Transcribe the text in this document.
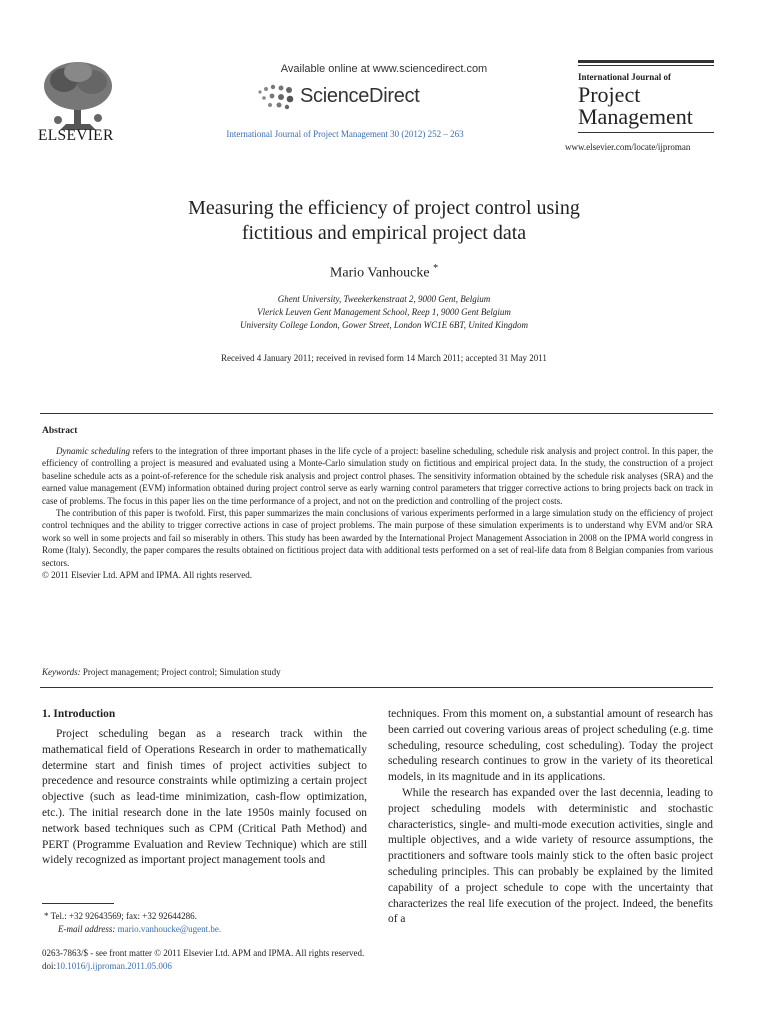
ELSEVIER
Available online at www.sciencedirect.com
ScienceDirect
International Journal of Project Management 30 (2012) 252 – 263
International Journal of
Project
Management
www.elsevier.com/locate/ijproman
Measuring the efficiency of project control using
fictitious and empirical project data
Mario Vanhoucke *
Ghent University, Tweekerkenstraat 2, 9000 Gent, Belgium
Vlerick Leuven Gent Management School, Reep 1, 9000 Gent Belgium
University College London, Gower Street, London WC1E 6BT, United Kingdom
Received 4 January 2011; received in revised form 14 March 2011; accepted 31 May 2011
Abstract

Dynamic scheduling refers to the integration of three important phases in the life cycle of a project: baseline scheduling, schedule risk analysis and project control. In this paper, the efficiency of controlling a project is measured and evaluated using a Monte-Carlo simulation study on fictitious and empirical project data. In the study, the construction of a project baseline schedule acts as a point-of-reference for the schedule risk analysis and project control phases. The sensitivity information obtained by the schedule risk analyses (SRA) and the earned value management (EVM) information obtained during project control serve as early warning control parameters that trigger corrective actions to bring projects back on track in case of problems. The focus in this paper lies on the time performance of a project, and not on the prediction and controlling of the project costs.

The contribution of this paper is twofold. First, this paper summarizes the main conclusions of various experiments performed in a large simulation study on the efficiency of project control techniques and the ability to trigger corrective actions in case of project problems. The main purpose of these simulation experiments is to understand why EVM and/or SRA work so well in some projects and fail so miserably in others. This study has been awarded by the International Project Management Association in 2008 on the IPMA world congress in Rome (Italy). Secondly, the paper compares the results obtained on fictitious project data with additional tests performed on a set of real-life data from 8 Belgian companies from various sectors.

© 2011 Elsevier Ltd. APM and IPMA. All rights reserved.

Keywords: Project management; Project control; Simulation study
1. Introduction

Project scheduling began as a research track within the mathematical field of Operations Research in order to mathematically determine start and finish times of project activities subject to precedence and resource constraints while optimizing a certain project objective (such as lead-time minimization, cash-flow optimization, etc.). The initial research done in the late 1950s mainly focused on network based techniques such as CPM (Critical Path Method) and PERT (Programme Evaluation and Review Technique) which are still widely recognized as important project management tools and

techniques. From this moment on, a substantial amount of research has been carried out covering various areas of project scheduling (e.g. time scheduling, resource scheduling, cost scheduling). Today the project scheduling research continues to grow in the variety of its theoretical models, in its magnitude and in its applications.

While the research has expanded over the last decennia, leading to project scheduling models with deterministic and stochastic characteristics, single- and multi-mode execution activities, single and multiple objectives, and a wide variety of resource assumptions, the practitioners and software tools mainly stick to the often basic project scheduling principles. This can probably be explained by the limited capability of a project schedule to cope with the uncertainty that characterizes the real life execution of the project. Indeed, the benefits of a

* Tel.: +32 92643569; fax: +32 92644286.
E-mail address: mario.vanhoucke@ugent.be.
0263-7863/$ - see front matter © 2011 Elsevier Ltd. APM and IPMA. All rights reserved.
doi:10.1016/j.ijproman.2011.05.006
